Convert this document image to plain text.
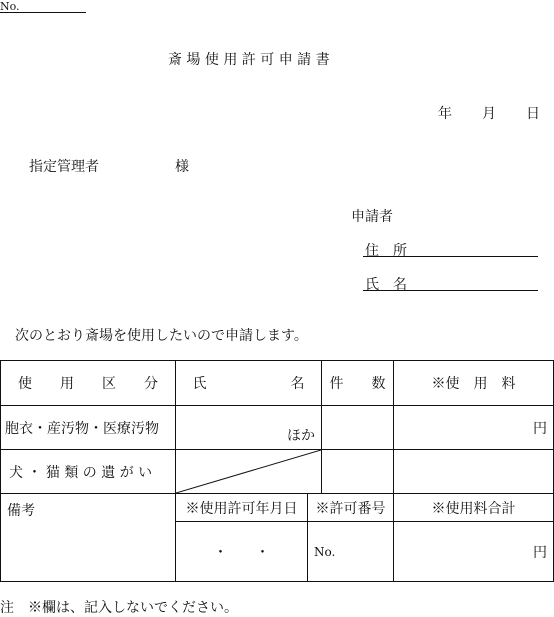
No.
斎 場 使 用 許 可 申 請 書
年 月 日
指定管理者	様
申請者
住　所
氏　名
次のとおり斎場を使用したいので申請します。
使　　用　　区　　分	氏　　　　　　名		件　　数	※使　用　料
胞衣・産汚物・医療汚物	ほか			円
犬 ・ 猫 類 の 遺 が い	

備考	※使用許可年月日	※許可番号		※使用料合計
	・　　・	No.		円
注　※欄は、記入しないでください。
